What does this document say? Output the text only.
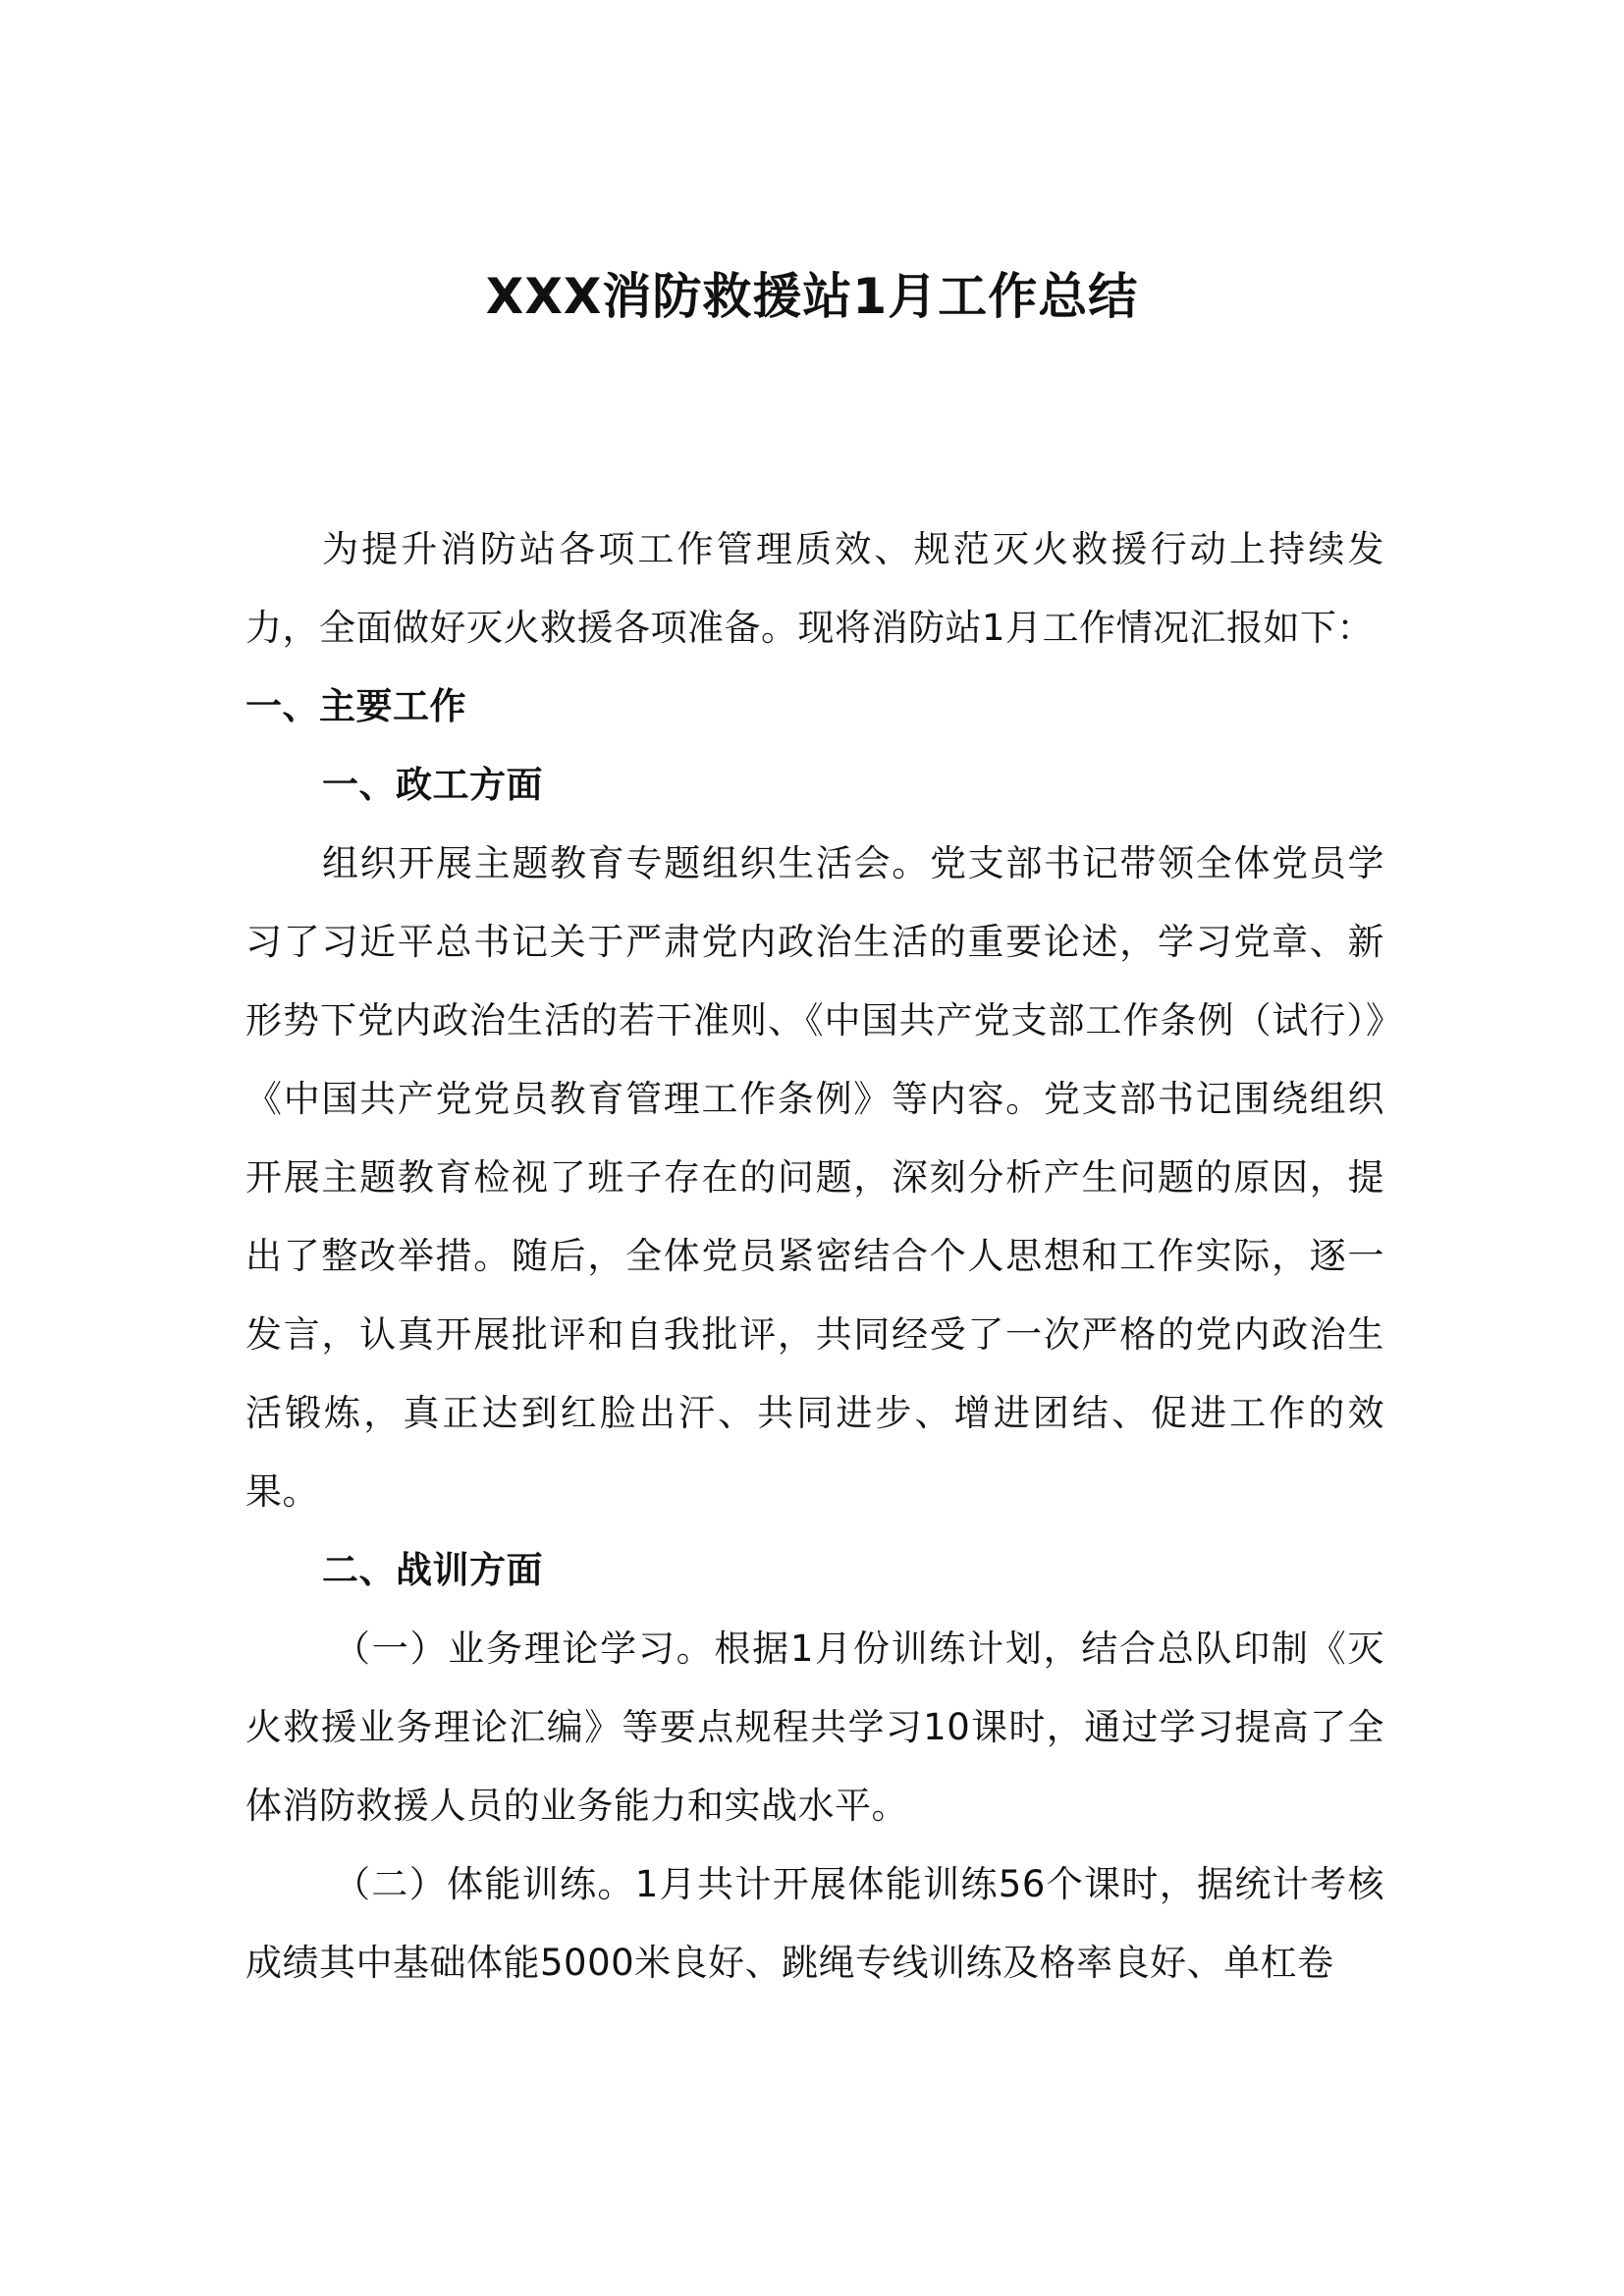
XXX消防救援站1月工作总结

为提升消防站各项工作管理质效、规范灭火救援行动上持续发力，全面做好灭火救援各项准备。现将消防站1月工作情况汇报如下：

一、主要工作

一、政工方面

组织开展主题教育专题组织生活会。党支部书记带领全体党员学习了习近平总书记关于严肃党内政治生活的重要论述，学习党章、新形势下党内政治生活的若干准则、《中国共产党支部工作条例（试行）》《中国共产党党员教育管理工作条例》等内容。党支部书记围绕组织开展主题教育检视了班子存在的问题，深刻分析产生问题的原因，提出了整改举措。随后，全体党员紧密结合个人思想和工作实际，逐一发言，认真开展批评和自我批评，共同经受了一次严格的党内政治生活锻炼，真正达到红脸出汗、共同进步、增进团结、促进工作的效果。

二、战训方面

（一）业务理论学习。根据1月份训练计划，结合总队印制《灭火救援业务理论汇编》等要点规程共学习10课时，通过学习提高了全体消防救援人员的业务能力和实战水平。

（二）体能训练。1月共计开展体能训练56个课时，据统计考核成绩其中基础体能5000米良好、跳绳专线训练及格率良好、单杠卷
